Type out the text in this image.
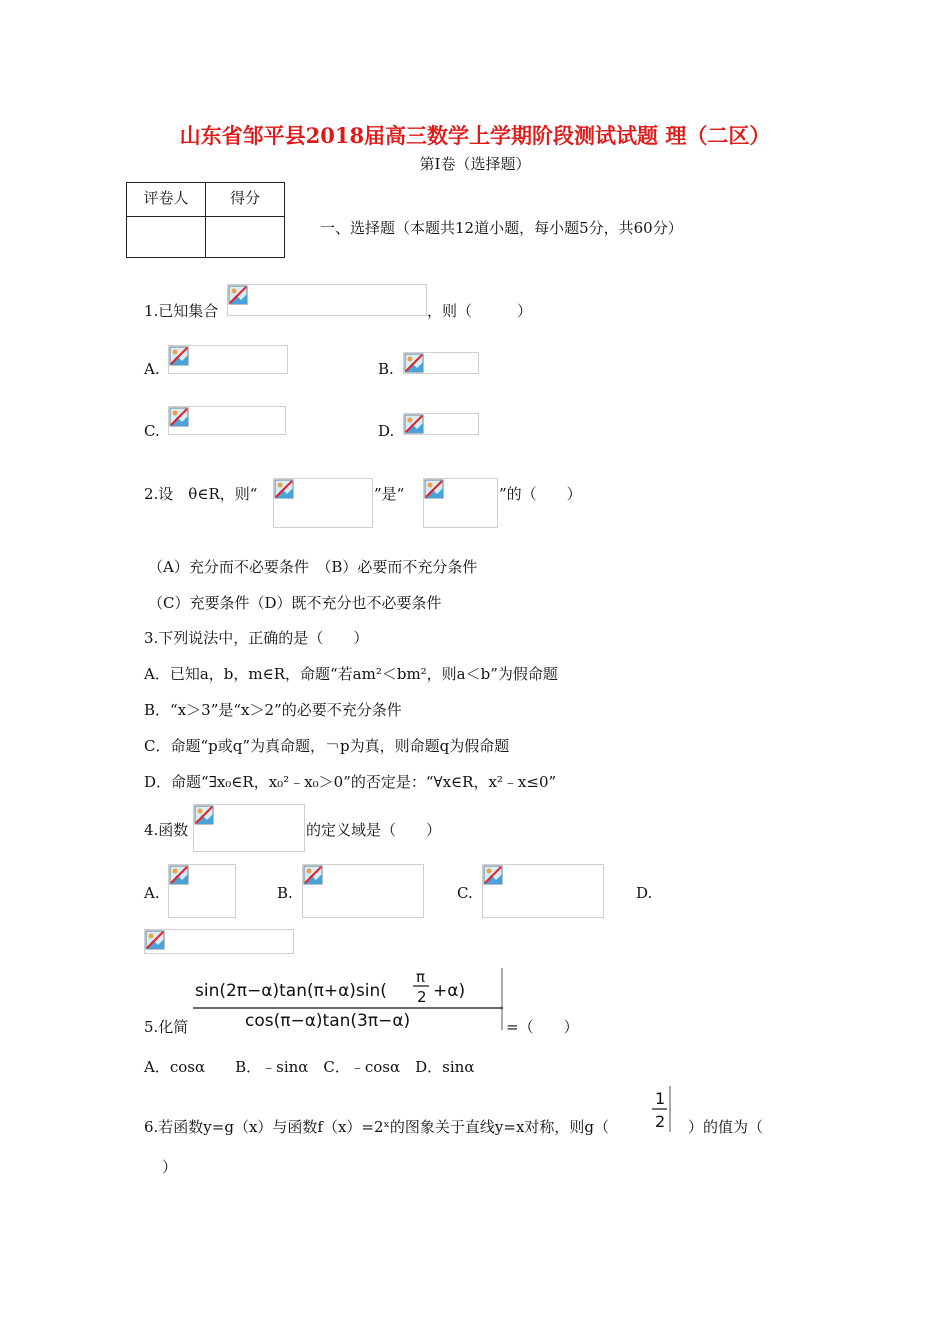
山东省邹平县2018届高三数学上学期阶段测试试题 理（二区）
第Ⅰ卷（选择题）
评卷人	得分

一、选择题（本题共12道小题，每小题5分，共60分）
1.已知集合	，则（　　　）
A.	B.
C.	D.
2.设　θ∈R，则“	”是“	”的（　　）
（A）充分而不必要条件　（B）必要而不充分条件
（C）充要条件（D）既不充分也不必要条件
3.下列说法中，正确的是（　　）
A．已知a，b，m∈R，命题“若am²＜bm²，则a＜b”为假命题
B．“x＞3”是“x＞2”的必要不充分条件
C．命题“p或q”为真命题，￢p为真，则命题q为假命题
D．命题“∃x₀∈R，x₀²﹣x₀＞0”的否定是：“∀x∈R，x²﹣x≤0”
4.函数	的定义域是（　　）
A.	B.	C.	D.
5.化简
sin(2π−α)tan(π+α)sin(
π
2 +α)
cos(π−α)tan(3π−α)	=（　　）
A．cosα　　B．﹣sinα　C．﹣cosα　D．sinα
6.若函数y=g（x）与函数f（x）=2ˣ的图象关于直线y=x对称，则g（
1
2 ）的值为（
）
